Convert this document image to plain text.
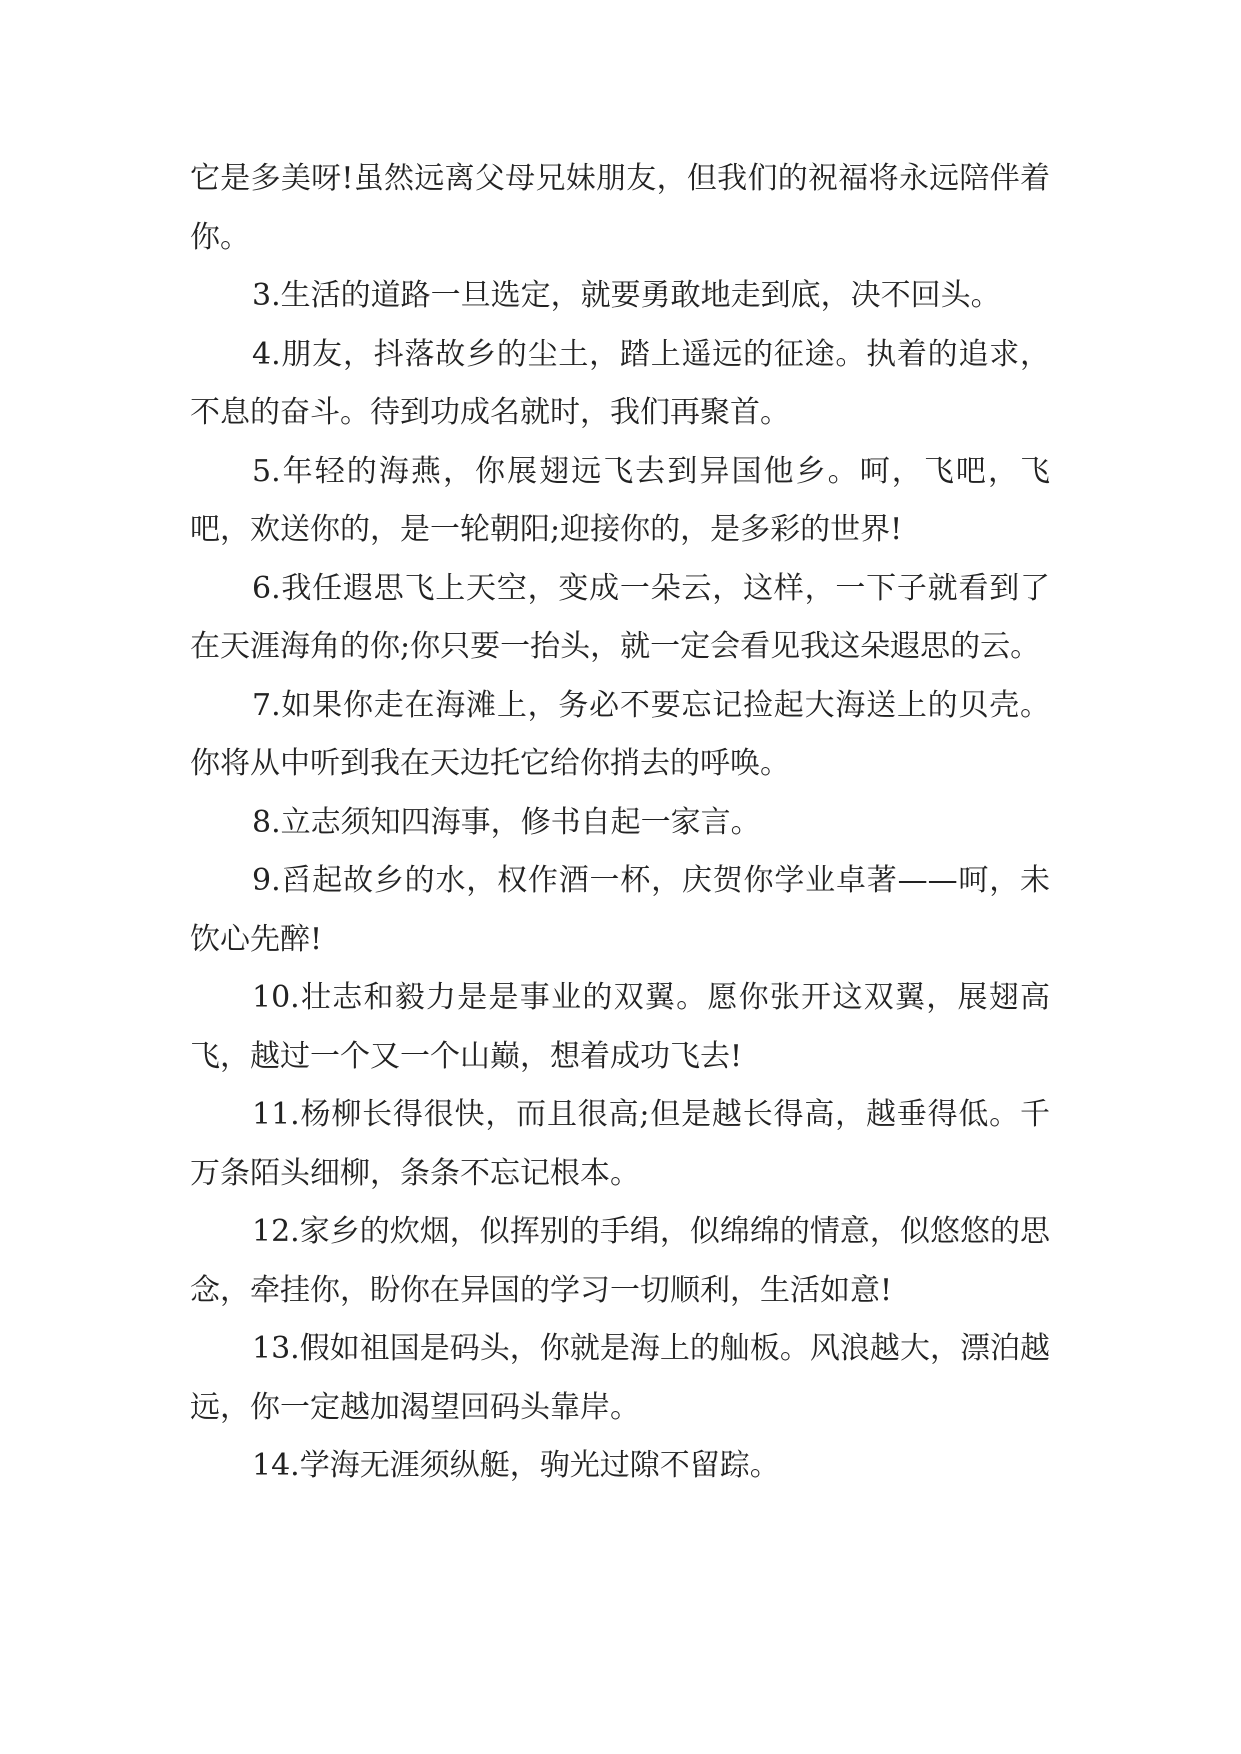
它是多美呀!虽然远离父母兄妹朋友，但我们的祝福将永远陪伴着你。

3.生活的道路一旦选定，就要勇敢地走到底，决不回头。

4.朋友，抖落故乡的尘土，踏上遥远的征途。执着的追求，不息的奋斗。待到功成名就时，我们再聚首。

5.年轻的海燕，你展翅远飞去到异国他乡。呵，飞吧，飞吧，欢送你的，是一轮朝阳;迎接你的，是多彩的世界!

6.我任遐思飞上天空，变成一朵云，这样，一下子就看到了在天涯海角的你;你只要一抬头，就一定会看见我这朵遐思的云。

7.如果你走在海滩上，务必不要忘记捡起大海送上的贝壳。你将从中听到我在天边托它给你捎去的呼唤。

8.立志须知四海事，修书自起一家言。

9.舀起故乡的水，权作酒一杯，庆贺你学业卓著——呵，未饮心先醉!

10.壮志和毅力是是事业的双翼。愿你张开这双翼，展翅高飞，越过一个又一个山巅，想着成功飞去!

11.杨柳长得很快，而且很高;但是越长得高，越垂得低。千万条陌头细柳，条条不忘记根本。

12.家乡的炊烟，似挥别的手绢，似绵绵的情意，似悠悠的思念，牵挂你，盼你在异国的学习一切顺利，生活如意!

13.假如祖国是码头，你就是海上的舢板。风浪越大，漂泊越远，你一定越加渴望回码头靠岸。

14.学海无涯须纵艇，驹光过隙不留踪。
